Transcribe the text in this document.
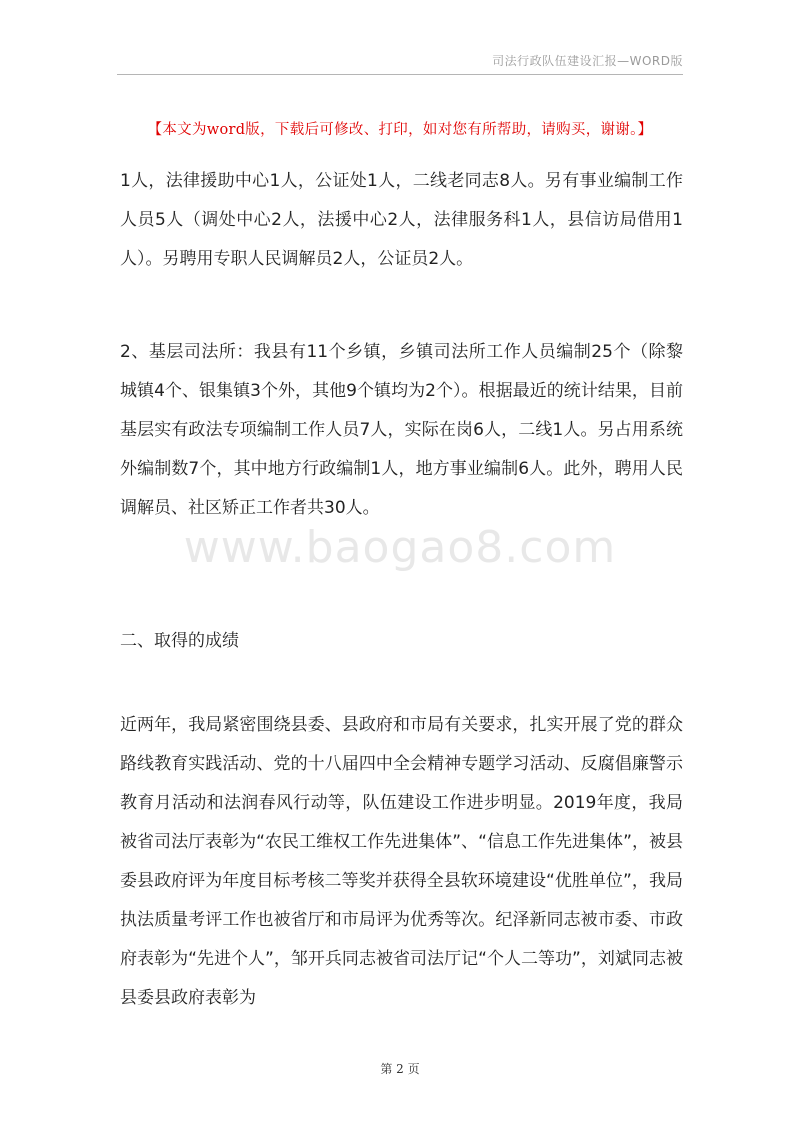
司法行政队伍建设汇报—WORD版
【本文为word版，下载后可修改、打印，如对您有所帮助，请购买，谢谢。】
www.baogao8.com
1人，法律援助中心1人，公证处1人，二线老同志8人。另有事业编制工作人员5人（调处中心2人，法援中心2人，法律服务科1人，县信访局借用1人）。另聘用专职人民调解员2人，公证员2人。
2、基层司法所：我县有11个乡镇，乡镇司法所工作人员编制25个（除黎城镇4个、银集镇3个外，其他9个镇均为2个）。根据最近的统计结果，目前基层实有政法专项编制工作人员7人，实际在岗6人，二线1人。另占用系统外编制数7个，其中地方行政编制1人，地方事业编制6人。此外，聘用人民调解员、社区矫正工作者共30人。
二、取得的成绩
近两年，我局紧密围绕县委、县政府和市局有关要求，扎实开展了党的群众路线教育实践活动、党的十八届四中全会精神专题学习活动、反腐倡廉警示教育月活动和法润春风行动等，队伍建设工作进步明显。2019年度，我局被省司法厅表彰为“农民工维权工作先进集体”、“信息工作先进集体”，被县委县政府评为年度目标考核二等奖并获得全县软环境建设“优胜单位”，我局执法质量考评工作也被省厅和市局评为优秀等次。纪泽新同志被市委、市政府表彰为“先进个人”，邹开兵同志被省司法厅记“个人二等功”，刘斌同志被县委县政府表彰为
第 2 页
